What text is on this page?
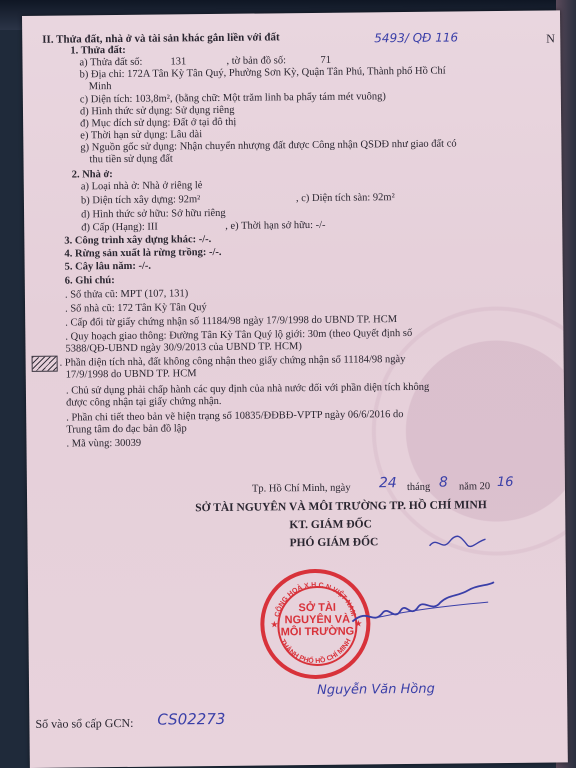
5493/ QĐ 116	N
II. Thửa đất, nhà ở và tài sản khác gắn liền với đất
1. Thửa đất:
a) Thửa đất số:	131	, tờ bản đồ số:	71
b) Địa chỉ: 172A Tân Kỳ Tân Quý, Phường Sơn Kỳ, Quận Tân Phú, Thành phố Hồ Chí
Minh
c) Diện tích: 103,8m², (bằng chữ: Một trăm linh ba phẩy tám mét vuông)
d) Hình thức sử dụng: Sử dụng riêng
đ) Mục đích sử dụng: Đất ở tại đô thị
e) Thời hạn sử dụng: Lâu dài
g) Nguồn gốc sử dụng: Nhận chuyển nhượng đất được Công nhận QSDĐ như giao đất có
thu tiền sử dụng đất
2. Nhà ở:
a) Loại nhà ở: Nhà ở riêng lẻ
b) Diện tích xây dựng: 92m²	, c) Diện tích sàn: 92m²
d) Hình thức sở hữu: Sở hữu riêng
đ) Cấp (Hạng): III	, e) Thời hạn sở hữu: -/-
3. Công trình xây dựng khác: -/-.
4. Rừng sản xuất là rừng trồng: -/-.
5. Cây lâu năm: -/-.
6. Ghi chú:
. Số thửa cũ: MPT (107, 131)
. Số nhà cũ: 172 Tân Kỳ Tân Quý
. Cấp đổi từ giấy chứng nhận số 11184/98 ngày 17/9/1998 do UBND TP. HCM
. Quy hoạch giao thông: Đường Tân Kỳ Tân Quý lộ giới: 30m (theo Quyết định số
5388/QĐ-UBND ngày 30/9/2013 của UBND TP. HCM)
. Phần diện tích nhà, đất không công nhận theo giấy chứng nhận số 11184/98 ngày
17/9/1998 do UBND TP. HCM
. Chủ sử dụng phải chấp hành các quy định của nhà nước đối với phần diện tích không
được công nhận tại giấy chứng nhận.
. Phần chi tiết theo bản vẽ hiện trạng số 10835/ĐĐBĐ-VPTP ngày 06/6/2016 do
Trung tâm đo đạc bản đồ lập
. Mã vùng: 30039
Tp. Hồ Chí Minh, ngày 24 tháng 8 năm 20 16
SỞ TÀI NGUYÊN VÀ MÔI TRƯỜNG TP. HỒ CHÍ MINH
KT. GIÁM ĐỐC
PHÓ GIÁM ĐỐC
CỘNG HOÀ X.H.C.N VIỆT NAM
THÀNH PHỐ HỒ CHÍ MINH
SỞ TÀI NGUYÊN VÀ MÔI TRƯỜNG
★	★
Nguyễn Văn Hồng
Số vào sổ cấp GCN: CS02273
